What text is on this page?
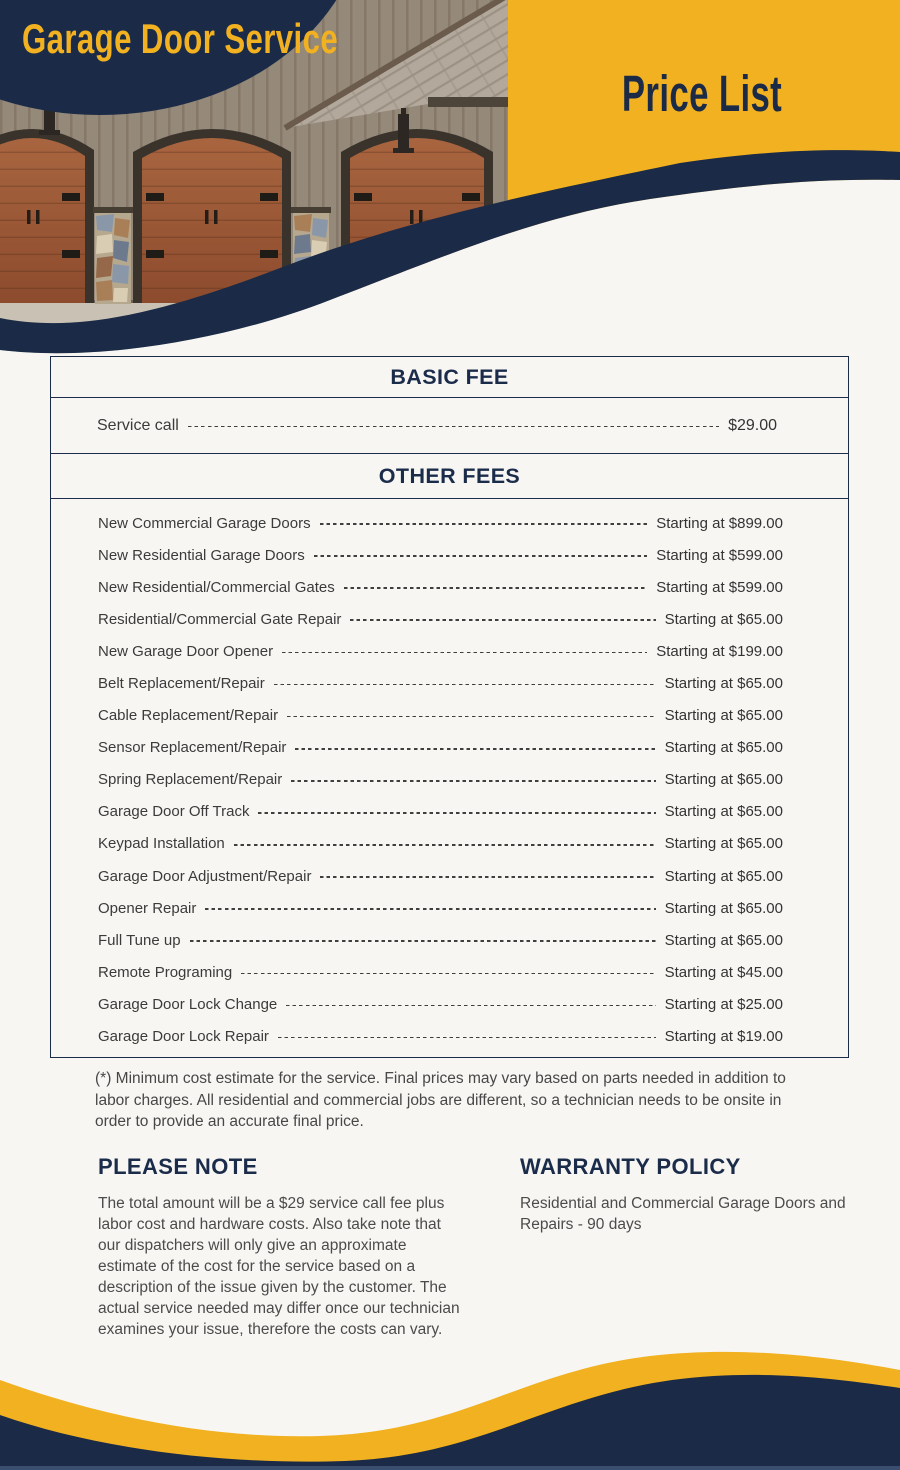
Garage Door Service
Price List
BASIC FEE
Service call	$29.00
OTHER FEES
New Commercial Garage Doors	Starting at $899.00
New Residential Garage Doors	Starting at $599.00
New Residential/Commercial Gates	Starting at $599.00
Residential/Commercial Gate Repair	Starting at $65.00
New Garage Door Opener	Starting at $199.00
Belt Replacement/Repair	Starting at $65.00
Cable Replacement/Repair	Starting at $65.00
Sensor Replacement/Repair	Starting at $65.00
Spring Replacement/Repair	Starting at $65.00
Garage Door Off Track	Starting at $65.00
Keypad Installation	Starting at $65.00
Garage Door Adjustment/Repair	Starting at $65.00
Opener Repair	Starting at $65.00
Full Tune up	Starting at $65.00
Remote Programing	Starting at $45.00
Garage Door Lock Change	Starting at $25.00
Garage Door Lock Repair	Starting at $19.00
(*) Minimum cost estimate for the service. Final prices may vary based on parts needed in addition to labor charges. All residential and commercial jobs are different, so a technician needs to be onsite in order to provide an accurate final price.
PLEASE NOTE
The total amount will be a $29 service call fee plus labor cost and hardware costs. Also take note that our dispatchers will only give an approximate estimate of the cost for the service based on a description of the issue given by the customer. The actual service needed may differ once our technician examines your issue, therefore the costs can vary.
WARRANTY POLICY
Residential and Commercial Garage Doors and Repairs - 90 days
